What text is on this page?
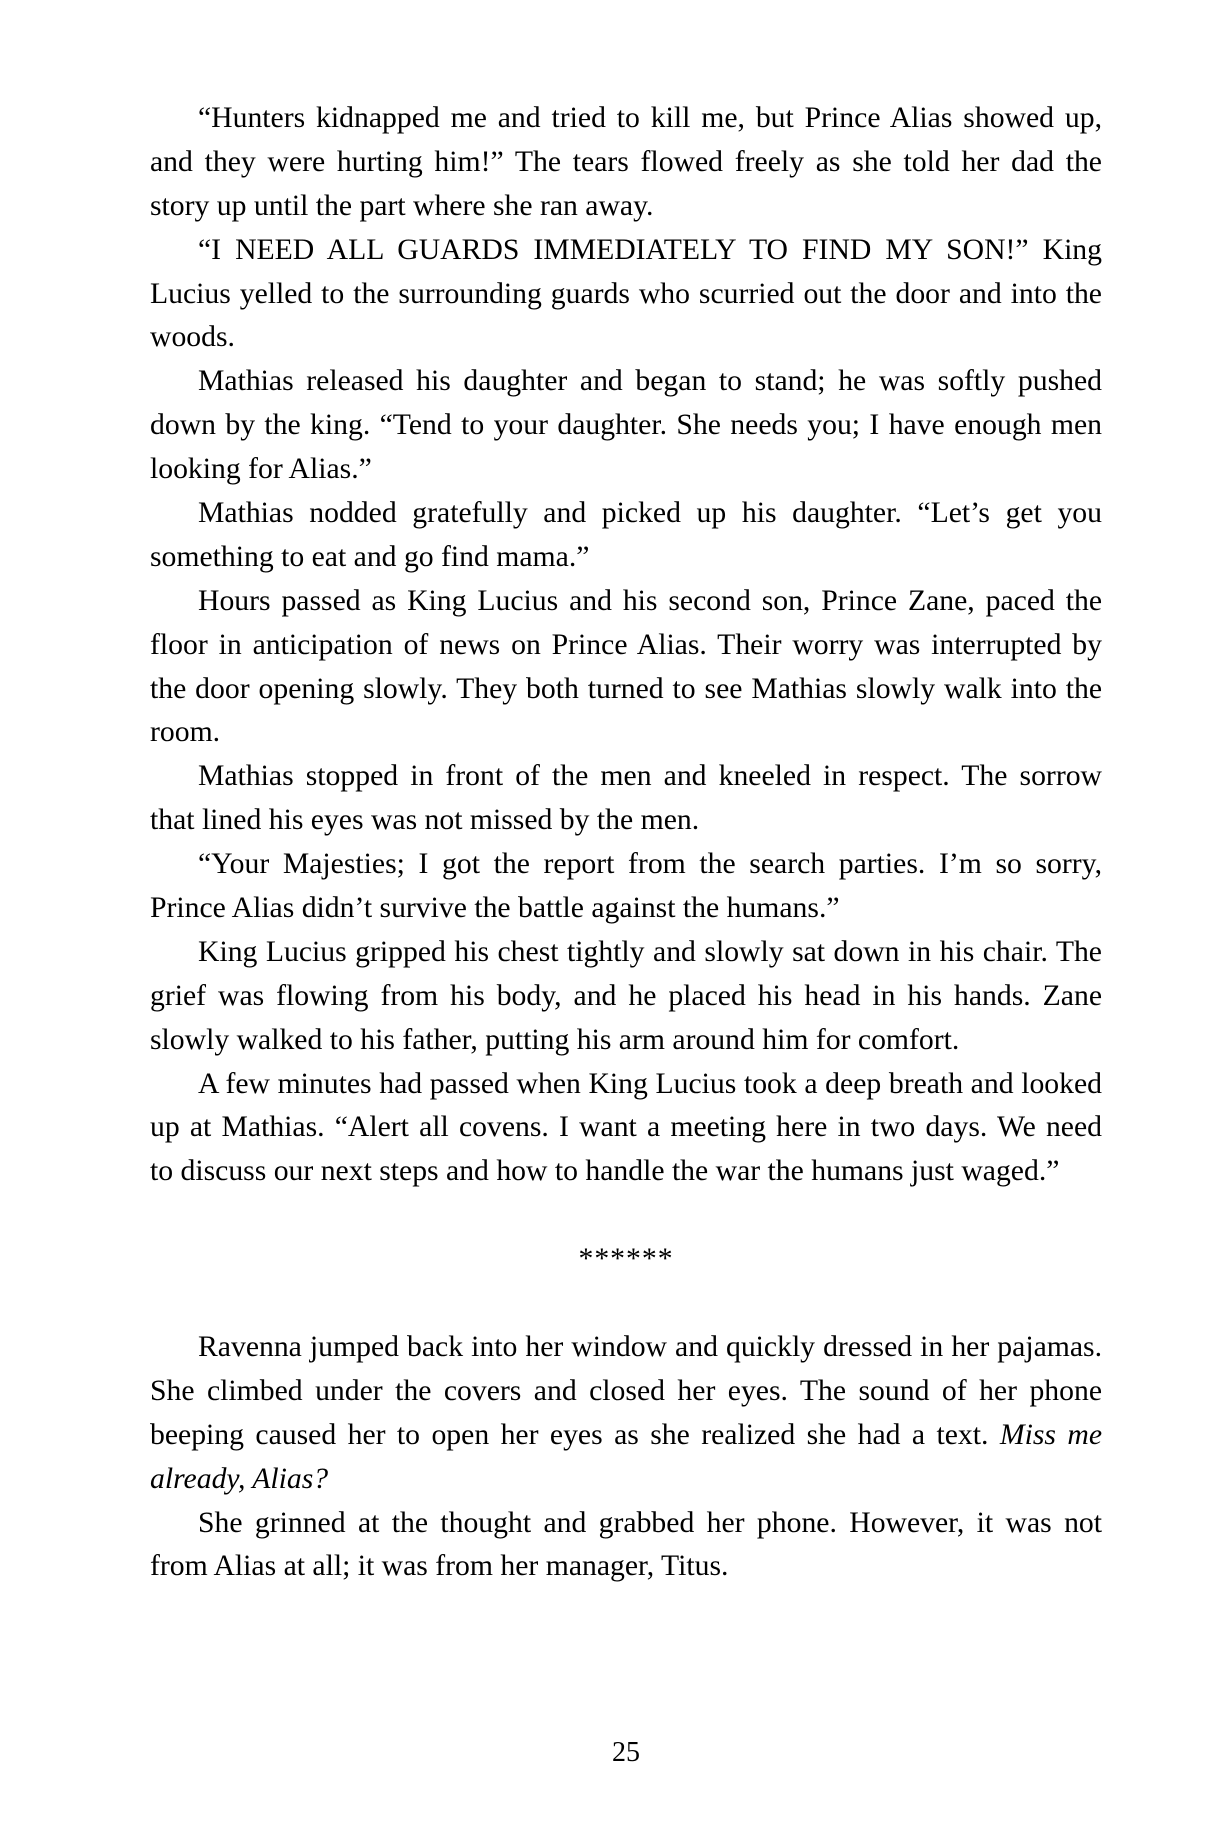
“Hunters kidnapped me and tried to kill me, but Prince Alias showed up,
and they were hurting him!” The tears flowed freely as she told her dad the
story up until the part where she ran away.
“I NEED ALL GUARDS IMMEDIATELY TO FIND MY SON!” King
Lucius yelled to the surrounding guards who scurried out the door and into the
woods.
Mathias released his daughter and began to stand; he was softly pushed
down by the king. “Tend to your daughter. She needs you; I have enough men
looking for Alias.”
Mathias nodded gratefully and picked up his daughter. “Let’s get you
something to eat and go find mama.”
Hours passed as King Lucius and his second son, Prince Zane, paced the
floor in anticipation of news on Prince Alias. Their worry was interrupted by
the door opening slowly. They both turned to see Mathias slowly walk into the
room.
Mathias stopped in front of the men and kneeled in respect. The sorrow
that lined his eyes was not missed by the men.
“Your Majesties; I got the report from the search parties. I’m so sorry,
Prince Alias didn’t survive the battle against the humans.”
King Lucius gripped his chest tightly and slowly sat down in his chair. The
grief was flowing from his body, and he placed his head in his hands. Zane
slowly walked to his father, putting his arm around him for comfort.
A few minutes had passed when King Lucius took a deep breath and looked
up at Mathias. “Alert all covens. I want a meeting here in two days. We need
to discuss our next steps and how to handle the war the humans just waged.”
******
Ravenna jumped back into her window and quickly dressed in her pajamas.
She climbed under the covers and closed her eyes. The sound of her phone
beeping caused her to open her eyes as she realized she had a text. Miss me
already, Alias?
She grinned at the thought and grabbed her phone. However, it was not
from Alias at all; it was from her manager, Titus.
25
